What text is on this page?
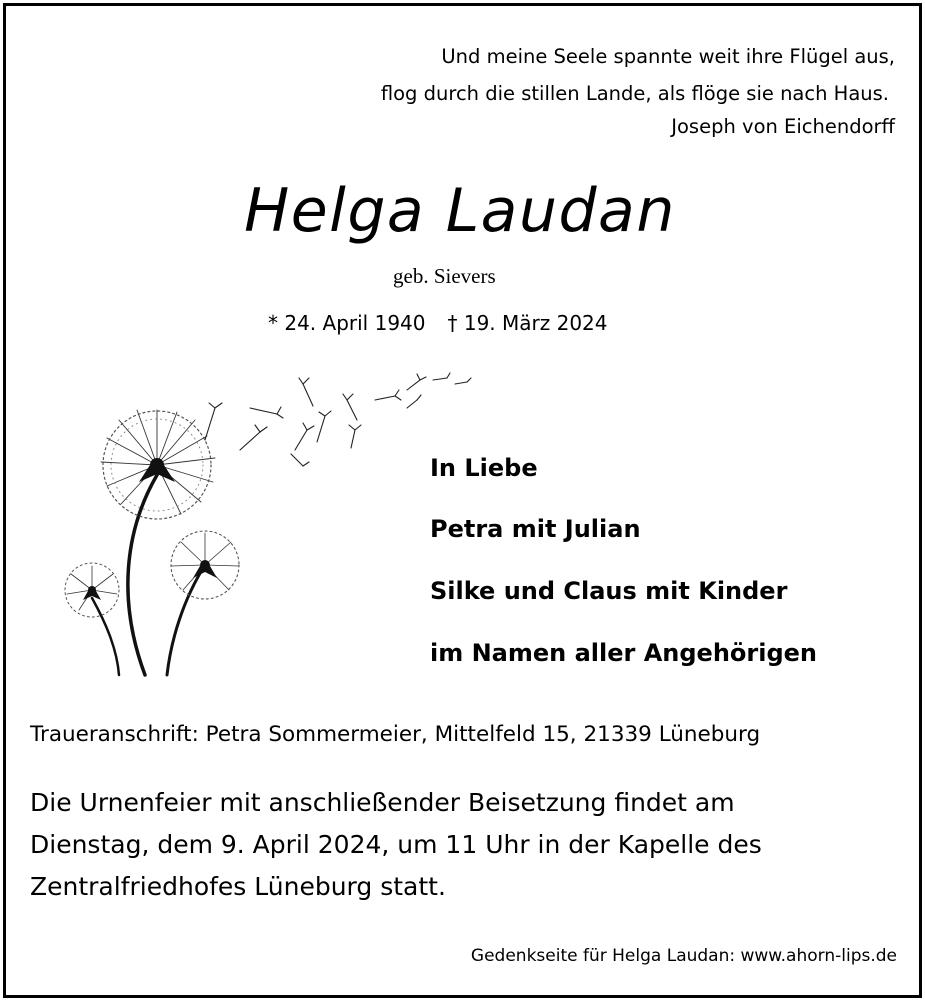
Und meine Seele spannte weit ihre Flügel aus,
flog durch die stillen Lande, als flöge sie nach Haus.
Joseph von Eichendorff
Helga Laudan
geb. Sievers
* 24. April 1940 † 19. März 2024
In Liebe
Petra mit Julian
Silke und Claus mit Kinder
im Namen aller Angehörigen
Traueranschrift: Petra Sommermeier, Mittelfeld 15, 21339 Lüneburg
Die Urnenfeier mit anschließender Beisetzung findet am
Dienstag, dem 9. April 2024, um 11 Uhr in der Kapelle des
Zentralfriedhofes Lüneburg statt.
Gedenkseite für Helga Laudan: www.ahorn-lips.de
